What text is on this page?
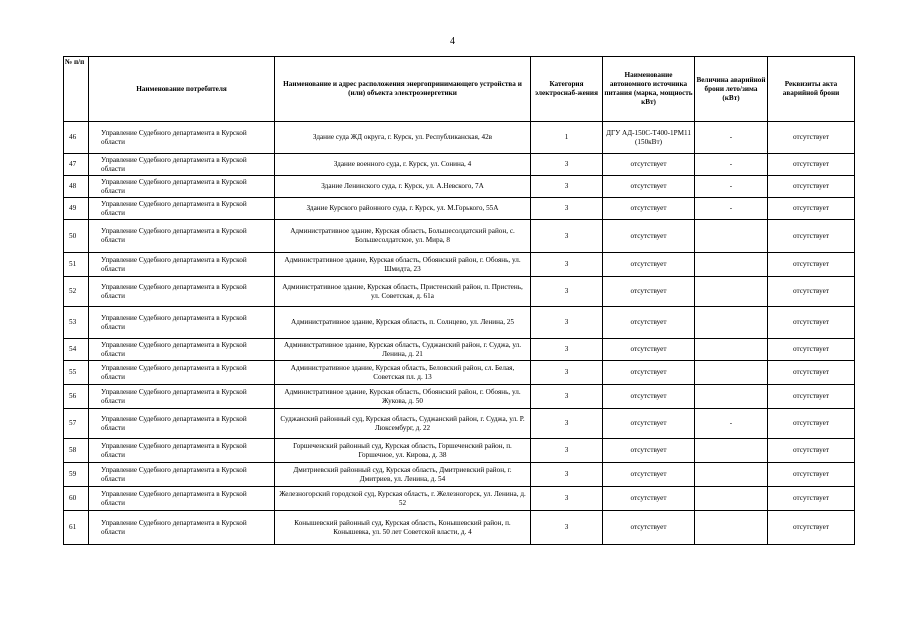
4
№ п/п	Наименование потребителя	Наименование и адрес расположения энергопринимающего устройства и (или) объекта электроэнергетики	Категория электроснаб-жения	Наименование автономного источника питания (марка, мощность кВт)	Величина аварийной брони лето/зима (кВт)	Реквизиты акта аварийной брони
46	Управление Судебного департамента в Курской области	Здание суда ЖД округа, г. Курск, ул. Республиканская, 42в	1	ДГУ АД-150С-Т400-1РМ11 (150кВт)	-	отсутствует
47	Управление Судебного департамента в Курской области	Здание военного суда, г. Курск, ул. Сонина, 4	3	отсутствует	-	отсутствует
48	Управление Судебного департамента в Курской области	Здание Ленинского суда, г. Курск, ул. А.Невского, 7А	3	отсутствует	-	отсутствует
49	Управление Судебного департамента в Курской области	Здание Курского районного суда, г. Курск, ул. М.Горького, 55А	3	отсутствует	-	отсутствует
50	Управление Судебного департамента в Курской области	Административное здание, Курская область, Большесолдатский район, с. Большесолдатское, ул. Мира, 8	3	отсутствует		отсутствует
51	Управление Судебного департамента в Курской области	Административное здание, Курская область, Обоянский район, г. Обоянь, ул. Шмидта, 23	3	отсутствует		отсутствует
52	Управление Судебного департамента в Курской области	Административное здание, Курская область, Пристенский район, п. Пристень, ул. Советская, д. 61а	3	отсутствует		отсутствует
53	Управление Судебного департамента в Курской области	Административное здание, Курская область, п. Солнцево, ул. Ленина, 25	3	отсутствует		отсутствует
54	Управление Судебного департамента в Курской области	Административное здание, Курская область, Суджанский район, г. Суджа, ул. Ленина, д. 21	3	отсутствует		отсутствует
55	Управление Судебного департамента в Курской области	Административное здание, Курская область, Беловский район, сл. Белая, Советская пл. д. 13	3	отсутствует		отсутствует
56	Управление Судебного департамента в Курской области	Административное здание, Курская область, Обоянский район, г. Обоянь, ул. Жукова, д. 50	3	отсутствует		отсутствует
57	Управление Судебного департамента в Курской области	Суджанский районный суд, Курская область, Суджанский район, г. Суджа, ул. Р. Люксембург, д. 22	3	отсутствует	-	отсутствует
58	Управление Судебного департамента в Курской области	Горшеченский районный суд, Курская область, Горшеченский район, п. Горшечное, ул. Кирова, д. 38	3	отсутствует		отсутствует
59	Управление Судебного департамента в Курской области	Дмитриевский районный суд, Курская область, Дмитриевский район, г. Дмитриев, ул. Ленина, д. 54	3	отсутствует		отсутствует
60	Управление Судебного департамента в Курской области	Железногорский городской суд, Курская область, г. Железногорск, ул. Ленина, д. 52	3	отсутствует		отсутствует
61	Управление Судебного департамента в Курской области	Конышевский районный суд, Курская область, Конышевский район, п. Конышевка, ул. 50 лет Советской власти, д. 4	3	отсутствует		отсутствует
